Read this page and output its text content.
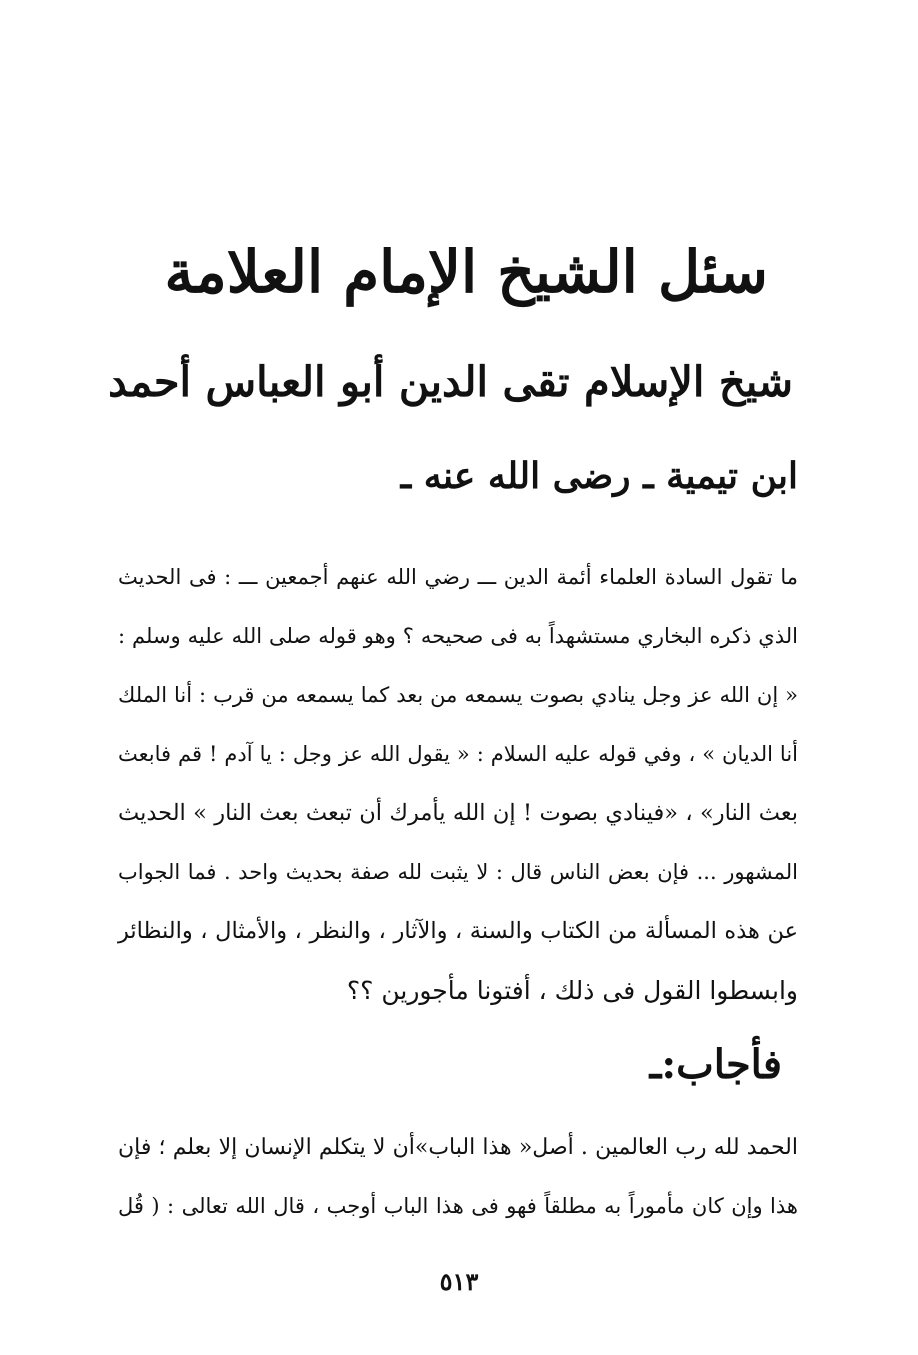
سئل الشيخ الإمام العلامة
شيخ الإسلام تقى الدين أبو العباس أحمد
ابن تيمية ـ رضى الله عنه ـ
ما تقول السادة العلماء أئمة الدين ـــ رضي الله عنهم أجمعين ـــ : فى الحديث
الذي ذكره البخاري مستشهداً به فى صحيحه ؟ وهو قوله صلى الله عليه وسلم :
« إن الله عز وجل ينادي بصوت يسمعه من بعد كما يسمعه من قرب : أنا الملك
أنا الديان » ، وفي قوله عليه السلام : « يقول الله عز وجل : يا آدم ! قم فابعث
بعث النار» ، «فينادي بصوت ! إن الله يأمرك أن تبعث بعث النار » الحديث
المشهور ... فإن بعض الناس قال : لا يثبت لله صفة بحديث واحد . فما الجواب
عن هذه المسألة من الكتاب والسنة ، والآثار ، والنظر ، والأمثال ، والنظائر
وابسطوا القول فى ذلك ، أفتونا مأجورين ؟؟
فأجاب:ـ
الحمد لله رب العالمين . أصل« هذا الباب»أن لا يتكلم الإنسان إلا بعلم ؛ فإن
هذا وإن كان مأموراً به مطلقاً فهو فى هذا الباب أوجب ، قال الله تعالى : ( قُل
٥١٣
